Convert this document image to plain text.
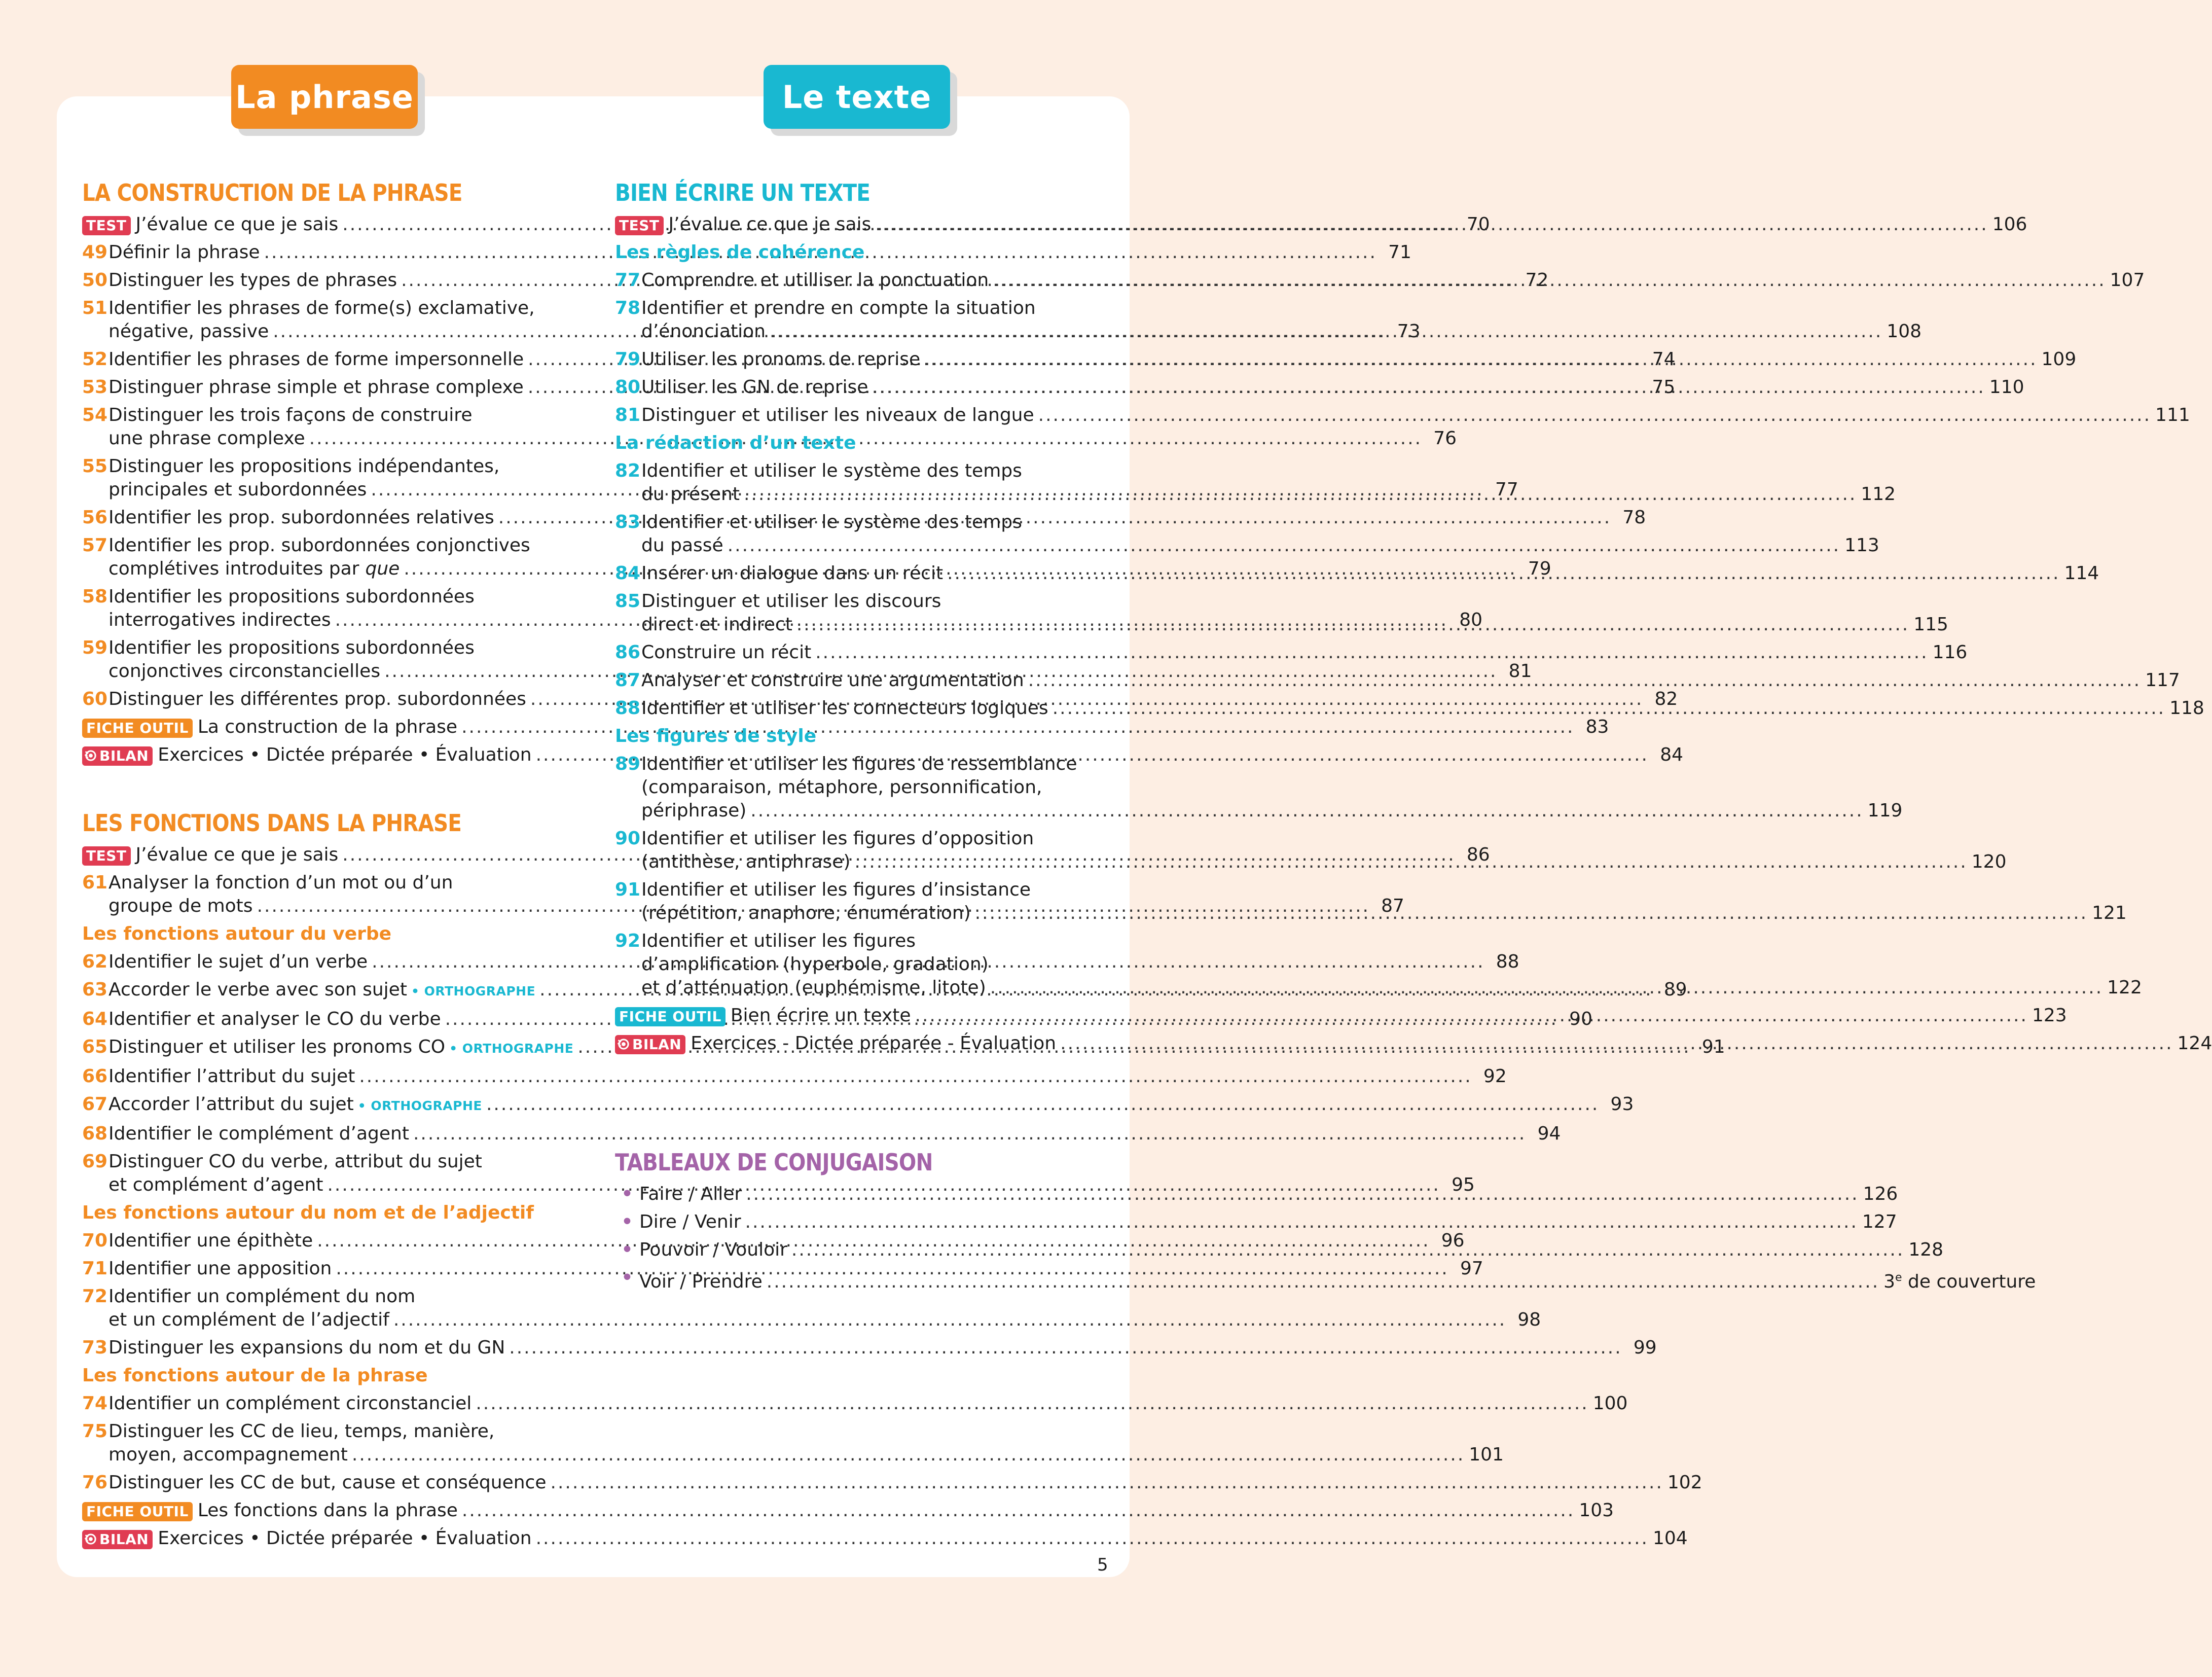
La phrase	Le texte
LA CONSTRUCTION DE LA PHRASE
TEST J’évalue ce que je sais .....	70
49 Définir la phrase .....	71
50 Distinguer les types de phrases .....	72
51 Identifier les phrases de forme(s) exclamative,
négative, passive .....	73
52 Identifier les phrases de forme impersonnelle .....	74
53 Distinguer phrase simple et phrase complexe .....	75
54 Distinguer les trois façons de construire
une phrase complexe .....	76
55 Distinguer les propositions indépendantes,
principales et subordonnées .....	77
56 Identifier les prop. subordonnées relatives .....	78
57 Identifier les prop. subordonnées conjonctives
complétives introduites par que .....	79
58 Identifier les propositions subordonnées
interrogatives indirectes .....	80
59 Identifier les propositions subordonnées
conjonctives circonstancielles .....	81
60 Distinguer les différentes prop. subordonnées .....	82
FICHE OUTIL La construction de la phrase .....	83
BILAN Exercices • Dictée préparée • Évaluation .....	84
LES FONCTIONS DANS LA PHRASE
TEST J’évalue ce que je sais .....	86
61 Analyser la fonction d’un mot ou d’un
groupe de mots .....	87
Les fonctions autour du verbe
62 Identifier le sujet d’un verbe .....	88
63 Accorder le verbe avec son sujet • ORTHOGRAPHE .....	89
64 Identifier et analyser le CO du verbe .....	90
65 Distinguer et utiliser les pronoms CO • ORTHOGRAPHE .....	91
66 Identifier l’attribut du sujet .....	92
67 Accorder l’attribut du sujet • ORTHOGRAPHE .....	93
68 Identifier le complément d’agent .....	94
69 Distinguer CO du verbe, attribut du sujet
et complément d’agent .....	95
Les fonctions autour du nom et de l’adjectif
70 Identifier une épithète .....	96
71 Identifier une apposition .....	97
72 Identifier un complément du nom
et un complément de l’adjectif .....	98
73 Distinguer les expansions du nom et du GN .....	99
Les fonctions autour de la phrase
74 Identifier un complément circonstanciel .....	100
75 Distinguer les CC de lieu, temps, manière,
moyen, accompagnement .....	101
76 Distinguer les CC de but, cause et conséquence .....	102
FICHE OUTIL Les fonctions dans la phrase .....	103
BILAN Exercices • Dictée préparée • Évaluation .....	104
BIEN ÉCRIRE UN TEXTE
TEST J’évalue ce que je sais .....	106
Les règles de cohérence
77 Comprendre et utilliser la ponctuation .....	107
78 Identifier et prendre en compte la situation
d’énonciation .....	108
79 Utiliser les pronoms de reprise .....	109
80 Utiliser les GN de reprise .....	110
81 Distinguer et utiliser les niveaux de langue .....	111
La rédaction d’un texte
82 Identifier et utiliser le système des temps
du présent .....	112
83 Identifier et utiliser le système des temps
du passé .....	113
84 Insérer un dialogue dans un récit .....	114
85 Distinguer et utiliser les discours
direct et indirect .....	115
86 Construire un récit .....	116
87 Analyser et construire une argumentation .....	117
88 Identifier et utiliser les connecteurs logiques .....	118
Les figures de style
89 Identifier et utiliser les figures de ressemblance
(comparaison, métaphore, personnification,
périphrase) .....	119
90 Identifier et utiliser les figures d’opposition
(antithèse, antiphrase) .....	120
91 Identifier et utiliser les figures d’insistance
(répétition, anaphore, énumération) .....	121
92 Identifier et utiliser les figures
d’amplification (hyperbole, gradation)
et d’atténuation (euphémisme, litote) .....	122
FICHE OUTIL Bien écrire un texte .....	123
BILAN Exercices - Dictée préparée - Évaluation .....	124
TABLEAUX DE CONJUGAISON
• Faire / Aller .....	126
• Dire / Venir .....	127
• Pouvoir / Vouloir .....	128
• Voir / Prendre .....	3e de couverture
5
